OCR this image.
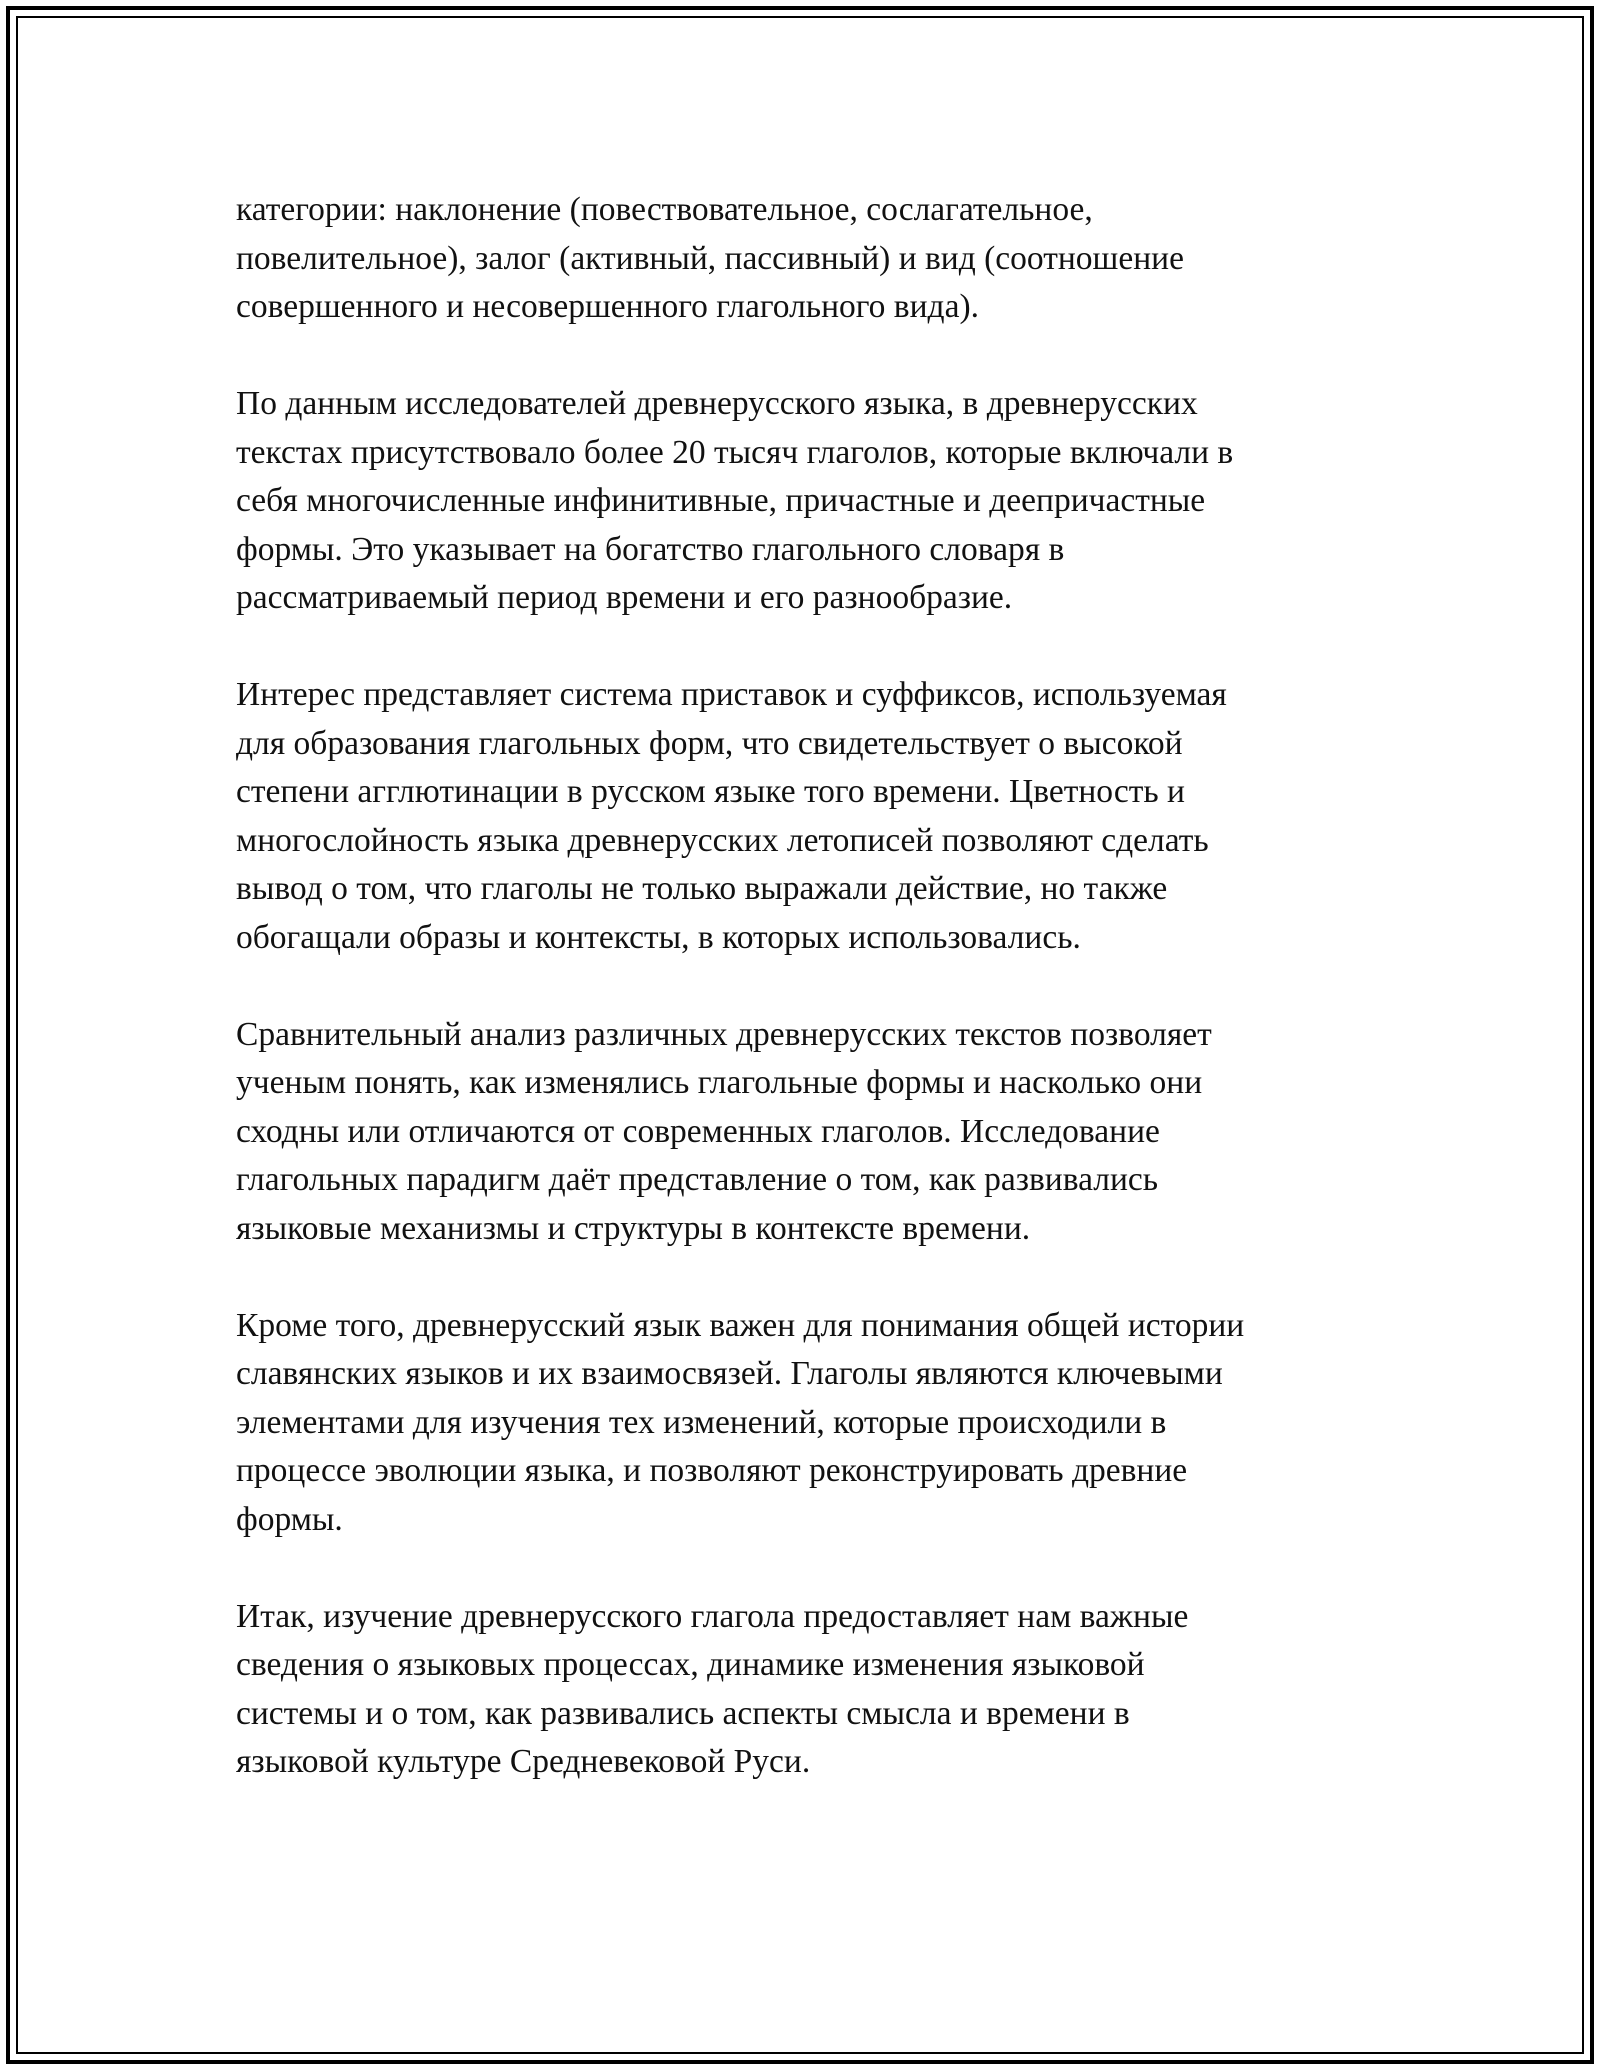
категории: наклонение (повествовательное, сослагательное,
повелительное), залог (активный, пассивный) и вид (соотношение
совершенного и несовершенного глагольного вида).

По данным исследователей древнерусского языка, в древнерусских
текстах присутствовало более 20 тысяч глаголов, которые включали в
себя многочисленные инфинитивные, причастные и деепричастные
формы. Это указывает на богатство глагольного словаря в
рассматриваемый период времени и его разнообразие.

Интерес представляет система приставок и суффиксов, используемая
для образования глагольных форм, что свидетельствует о высокой
степени агглютинации в русском языке того времени. Цветность и
многослойность языка древнерусских летописей позволяют сделать
вывод о том, что глаголы не только выражали действие, но также
обогащали образы и контексты, в которых использовались.

Сравнительный анализ различных древнерусских текстов позволяет
ученым понять, как изменялись глагольные формы и насколько они
сходны или отличаются от современных глаголов. Исследование
глагольных парадигм даёт представление о том, как развивались
языковые механизмы и структуры в контексте времени.

Кроме того, древнерусский язык важен для понимания общей истории
славянских языков и их взаимосвязей. Глаголы являются ключевыми
элементами для изучения тех изменений, которые происходили в
процессе эволюции языка, и позволяют реконструировать древние
формы.

Итак, изучение древнерусского глагола предоставляет нам важные
сведения о языковых процессах, динамике изменения языковой
системы и о том, как развивались аспекты смысла и времени в
языковой культуре Средневековой Руси.
